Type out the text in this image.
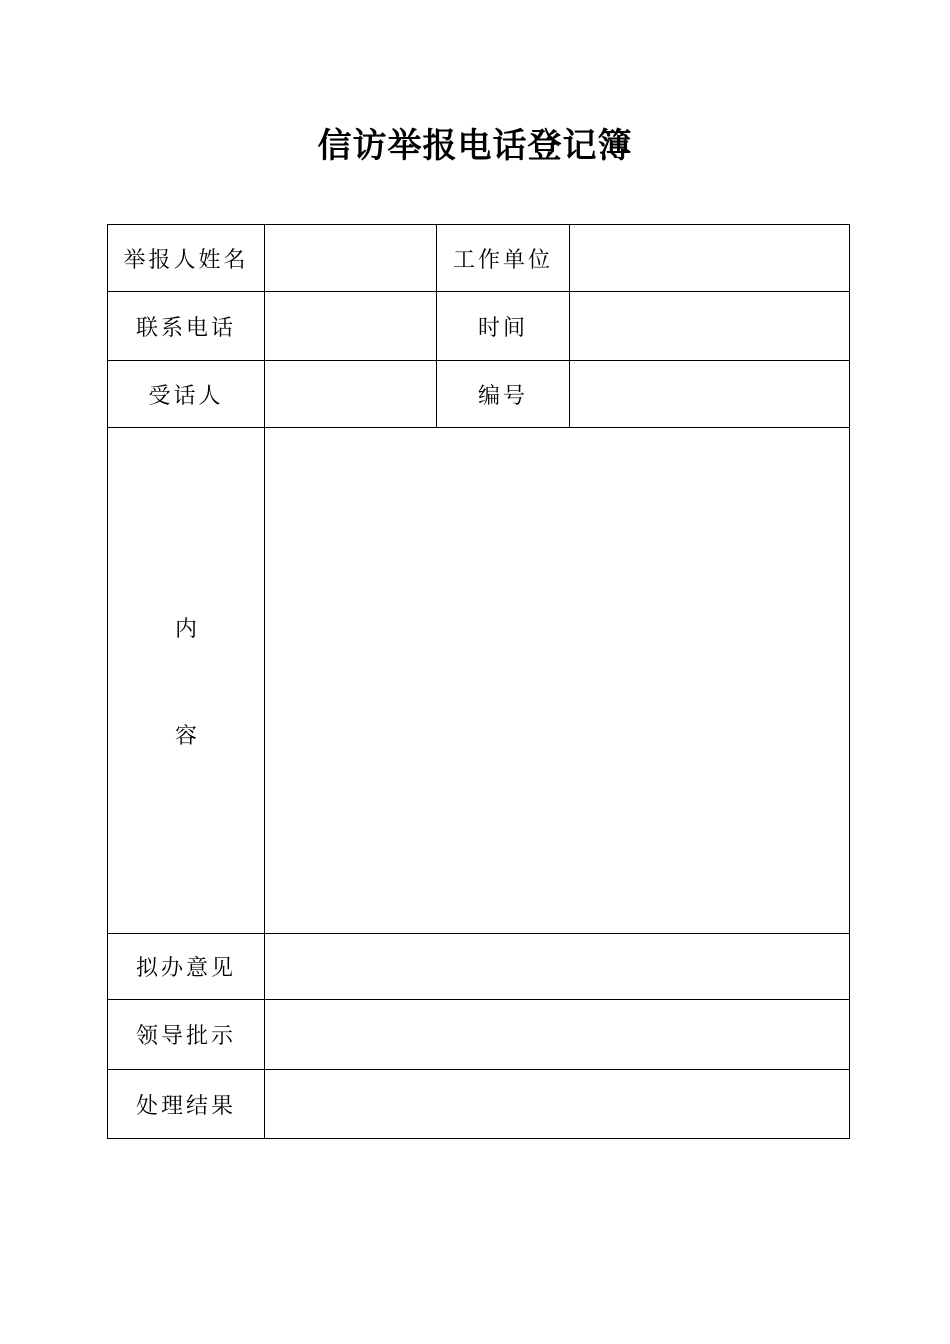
信访举报电话登记簿
举报人姓名		工作单位	
联系电话		时间	
受话人		编号	

内
容			

拟办意见			
领导批示			
处理结果			
